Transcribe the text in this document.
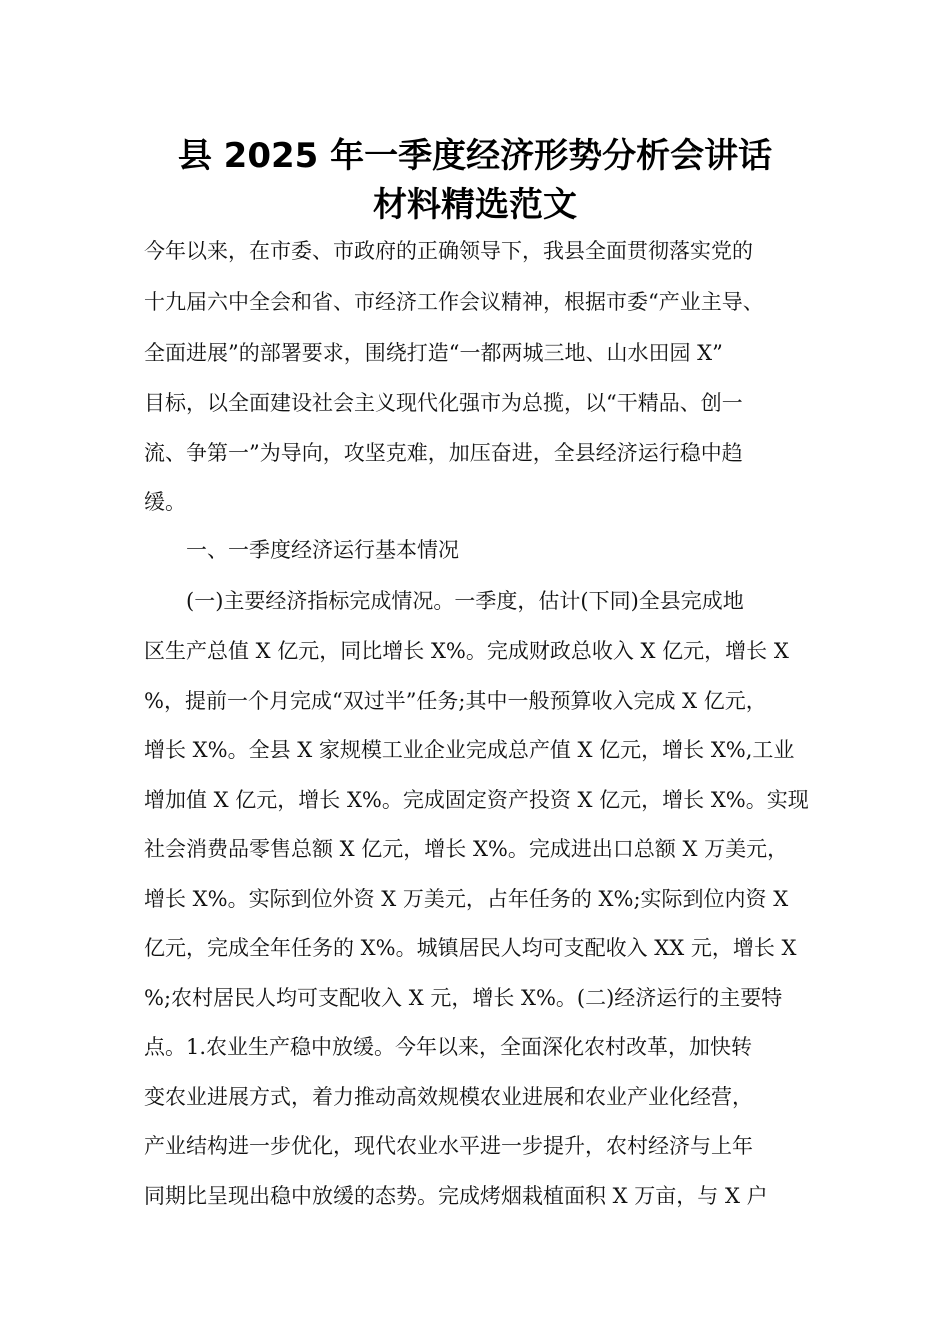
县 2025 年一季度经济形势分析会讲话
材料精选范文

今年以来，在市委、市政府的正确领导下，我县全面贯彻落实党的

十九届六中全会和省、市经济工作会议精神，根据市委“产业主导、

全面进展”的部署要求，围绕打造“一都两城三地、山水田园 X”

目标，以全面建设社会主义现代化强市为总揽，以“干精品、创一

流、争第一”为导向，攻坚克难，加压奋进，全县经济运行稳中趋

缓。

　　一、一季度经济运行基本情况

　　(一)主要经济指标完成情况。一季度，估计(下同)全县完成地

区生产总值 X 亿元，同比增长 X%。完成财政总收入 X 亿元，增长 X

%，提前一个月完成“双过半”任务;其中一般预算收入完成 X 亿元，

增长 X%。全县 X 家规模工业企业完成总产值 X 亿元，增长 X%,工业

增加值 X 亿元，增长 X%。完成固定资产投资 X 亿元，增长 X%。实现

社会消费品零售总额 X 亿元，增长 X%。完成进出口总额 X 万美元，

增长 X%。实际到位外资 X 万美元，占年任务的 X%;实际到位内资 X

亿元，完成全年任务的 X%。城镇居民人均可支配收入 XX 元，增长 X

%;农村居民人均可支配收入 X 元，增长 X%。(二)经济运行的主要特

点。1.农业生产稳中放缓。今年以来，全面深化农村改革，加快转

变农业进展方式，着力推动高效规模农业进展和农业产业化经营，

产业结构进一步优化，现代农业水平进一步提升，农村经济与上年

同期比呈现出稳中放缓的态势。完成烤烟栽植面积 X 万亩，与 X 户
